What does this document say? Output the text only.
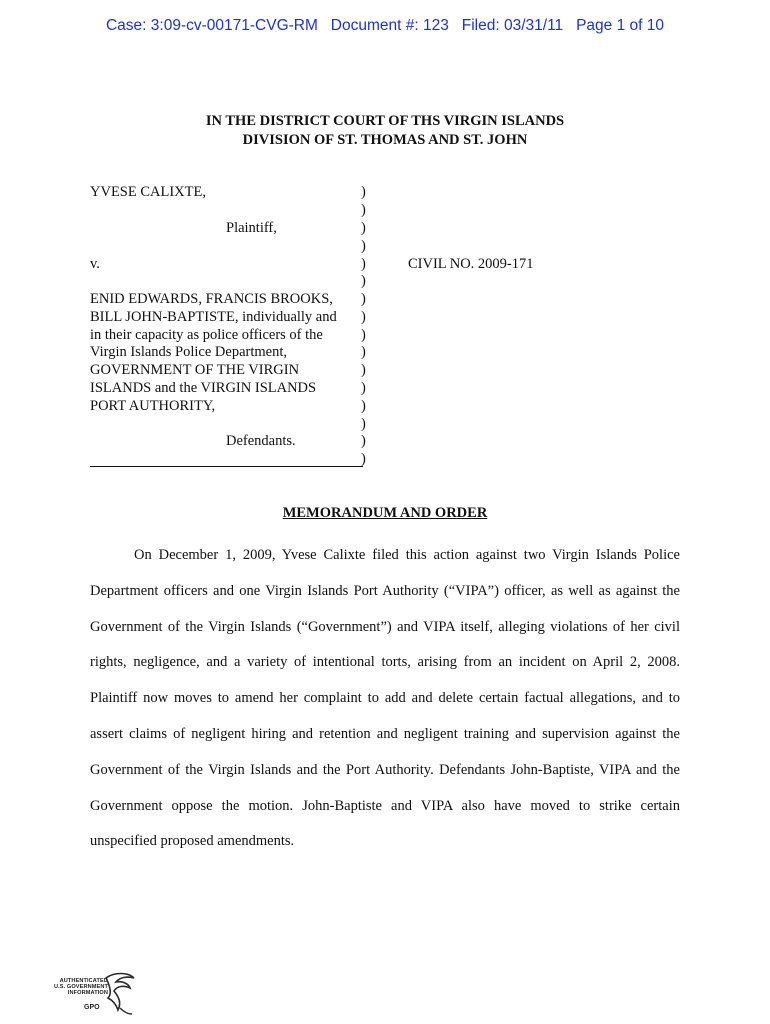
Case: 3:09-cv-00171-CVG-RM   Document #: 123   Filed: 03/31/11   Page 1 of 10
IN THE DISTRICT COURT OF THS VIRGIN ISLANDS
DIVISION OF ST. THOMAS AND ST. JOHN
YVESE CALIXTE,
Plaintiff,
v.
ENID EDWARDS, FRANCIS BROOKS,
BILL JOHN-BAPTISTE, individually and
in their capacity as police officers of the
Virgin Islands Police Department,
GOVERNMENT OF THE VIRGIN
ISLANDS and the VIRGIN ISLANDS
PORT AUTHORITY,
Defendants.
)
)
)
)
)
)
)
)
)
)
)
)
)
)
)
)
CIVIL NO. 2009-171
MEMORANDUM AND ORDER
On December 1, 2009, Yvese Calixte filed this action against two Virgin Islands Police Department officers and one Virgin Islands Port Authority (“VIPA”) officer, as well as against the Government of the Virgin Islands (“Government”) and VIPA itself, alleging violations of her civil rights, negligence, and a variety of intentional torts, arising from an incident on April 2, 2008. Plaintiff now moves to amend her complaint to add and delete certain factual allegations, and to assert claims of negligent hiring and retention and negligent training and supervision against the Government of the Virgin Islands and the Port Authority. Defendants John-Baptiste, VIPA and the Government oppose the motion. John-Baptiste and VIPA also have moved to strike certain unspecified proposed amendments.
AUTHENTICATED
U.S. GOVERNMENT
INFORMATION
GPO
